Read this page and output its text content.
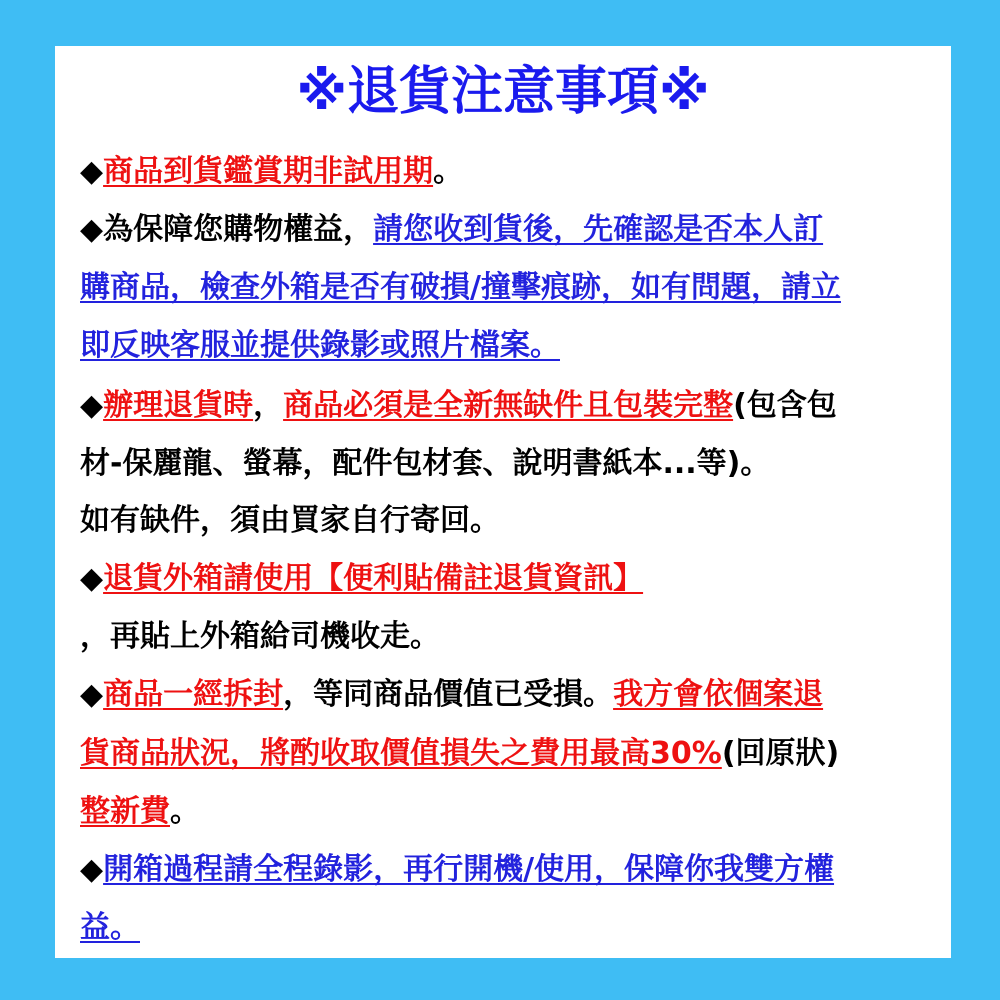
※退貨注意事項※
◆商品到貨鑑賞期非試用期。
◆為保障您購物權益，請您收到貨後，先確認是否本人訂
購商品，檢查外箱是否有破損/撞擊痕跡，如有問題，請立
即反映客服並提供錄影或照片檔案。
◆辦理退貨時，商品必須是全新無缺件且包裝完整(包含包
材-保麗龍、螢幕，配件包材套、說明書紙本...等)。
如有缺件，須由買家自行寄回。
◆退貨外箱請使用【便利貼備註退貨資訊】
，再貼上外箱給司機收走。
◆商品一經拆封，等同商品價值已受損。我方會依個案退
貨商品狀況，將酌收取價值損失之費用最高30%(回原狀)
整新費。
◆開箱過程請全程錄影，再行開機/使用，保障你我雙方權
益。
